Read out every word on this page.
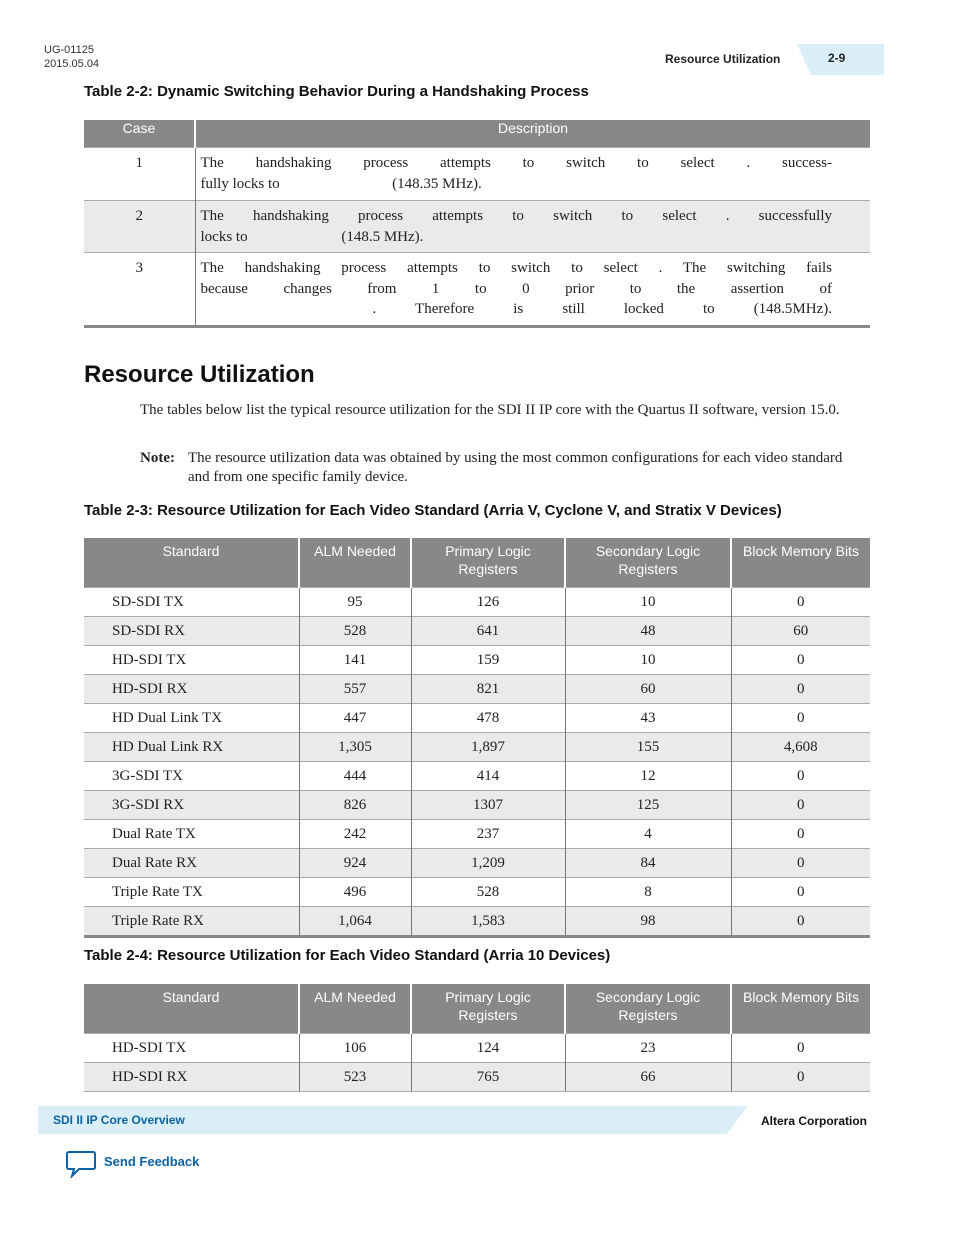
UG-01125
2015.05.04	Resource Utilization	2-9
Table 2-2: Dynamic Switching Behavior During a Handshaking Process
Case	Description
1	The handshaking process attempts to switch to select . success-
fully locks to                              (148.35 MHz).

2	The handshaking process attempts to switch to select . successfully
locks to                         (148.5 MHz).

3	The handshaking process attempts to switch to select . The switching fails
because changes from 1 to 0 prior to the assertion of
. Therefore is still locked to (148.5MHz).
Resource Utilization
The tables below list the typical resource utilization for the SDI II IP core with the Quartus II software, version 15.0.
Note: The resource utilization data was obtained by using the most common configurations for each video standard and from one specific family device.
Table 2-3: Resource Utilization for Each Video Standard (Arria V, Cyclone V, and Stratix V Devices)
Standard	ALM Needed	Primary Logic Registers	Secondary Logic Registers	Block Memory Bits
SD-SDI TX	95	126	10	0
SD-SDI RX	528	641	48	60
HD-SDI TX	141	159	10	0
HD-SDI RX	557	821	60	0
HD Dual Link TX	447	478	43	0
HD Dual Link RX	1,305	1,897	155	4,608
3G-SDI TX	444	414	12	0
3G-SDI RX	826	1307	125	0
Dual Rate TX	242	237	4	0
Dual Rate RX	924	1,209	84	0
Triple Rate TX	496	528	8	0
Triple Rate RX	1,064	1,583	98	0
Table 2-4: Resource Utilization for Each Video Standard (Arria 10 Devices)
Standard	ALM Needed	Primary Logic Registers	Secondary Logic Registers	Block Memory Bits
HD-SDI TX	106	124	23	0
HD-SDI RX	523	765	66	0
SDI II IP Core Overview	Altera Corporation
Send Feedback
